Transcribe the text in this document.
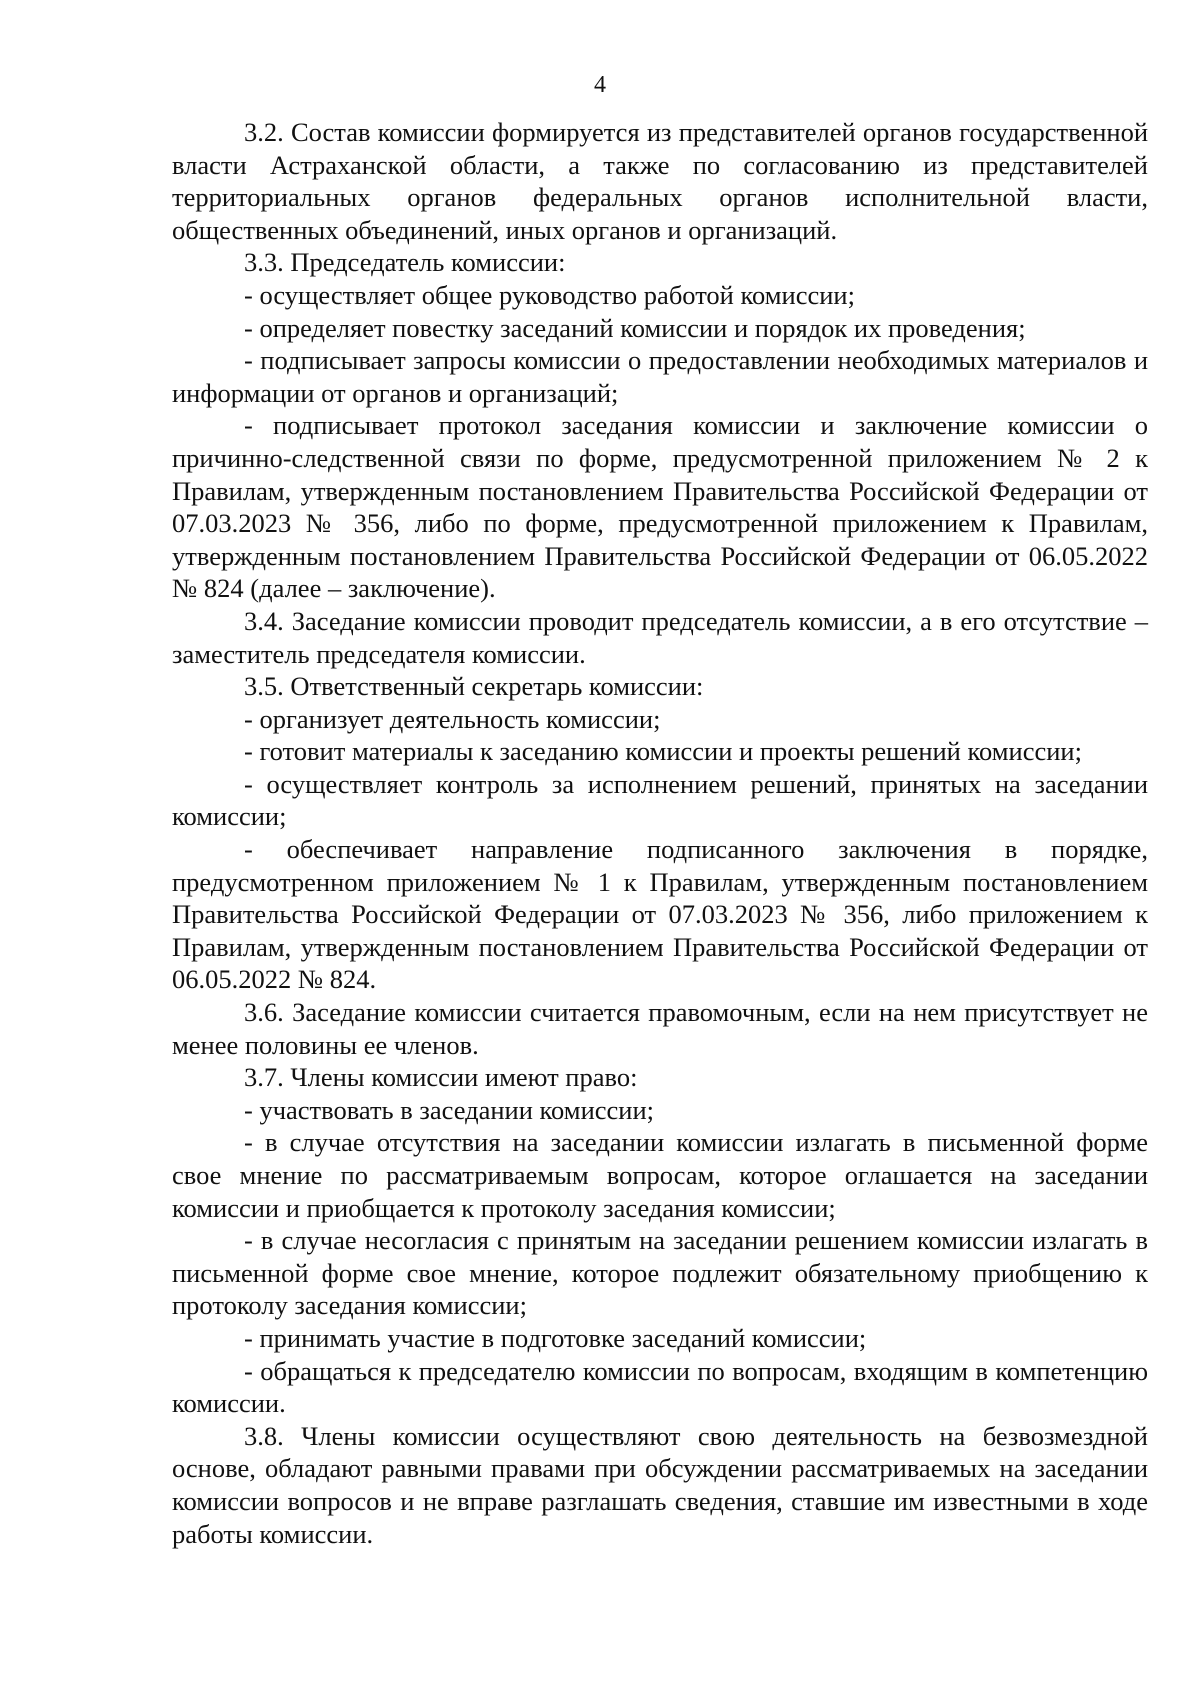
4

3.2. Состав комиссии формируется из представителей органов государственной власти Астраханской области, а также по согласованию из представителей территориальных органов федеральных органов исполнительной власти, общественных объединений, иных органов и организаций.

3.3. Председатель комиссии:

- осуществляет общее руководство работой комиссии;

- определяет повестку заседаний комиссии и порядок их проведения;

- подписывает запросы комиссии о предоставлении необходимых материалов и информации от органов и организаций;

- подписывает протокол заседания комиссии и заключение комиссии о причинно-следственной связи по форме, предусмотренной приложением № 2 к Правилам, утвержденным постановлением Правительства Российской Федерации от 07.03.2023 № 356, либо по форме, предусмотренной приложением к Правилам, утвержденным постановлением Правительства Российской Федерации от 06.05.2022 № 824 (далее – заключение).

3.4. Заседание комиссии проводит председатель комиссии, а в его отсутствие – заместитель председателя комиссии.

3.5. Ответственный секретарь комиссии:

- организует деятельность комиссии;

- готовит материалы к заседанию комиссии и проекты решений комиссии;

- осуществляет контроль за исполнением решений, принятых на заседании комиссии;

- обеспечивает направление подписанного заключения в порядке, предусмотренном приложением № 1 к Правилам, утвержденным постановлением Правительства Российской Федерации от 07.03.2023 № 356, либо приложением к Правилам, утвержденным постановлением Правительства Российской Федерации от 06.05.2022 № 824.

3.6. Заседание комиссии считается правомочным, если на нем присутствует не менее половины ее членов.

3.7. Члены комиссии имеют право:

- участвовать в заседании комиссии;

- в случае отсутствия на заседании комиссии излагать в письменной форме свое мнение по рассматриваемым вопросам, которое оглашается на заседании комиссии и приобщается к протоколу заседания комиссии;

- в случае несогласия с принятым на заседании решением комиссии излагать в письменной форме свое мнение, которое подлежит обязательному приобщению к протоколу заседания комиссии;

- принимать участие в подготовке заседаний комиссии;

- обращаться к председателю комиссии по вопросам, входящим в компетенцию комиссии.

3.8. Члены комиссии осуществляют свою деятельность на безвозмездной основе, обладают равными правами при обсуждении рассматриваемых на заседании комиссии вопросов и не вправе разглашать сведения, ставшие им известными в ходе работы комиссии.
